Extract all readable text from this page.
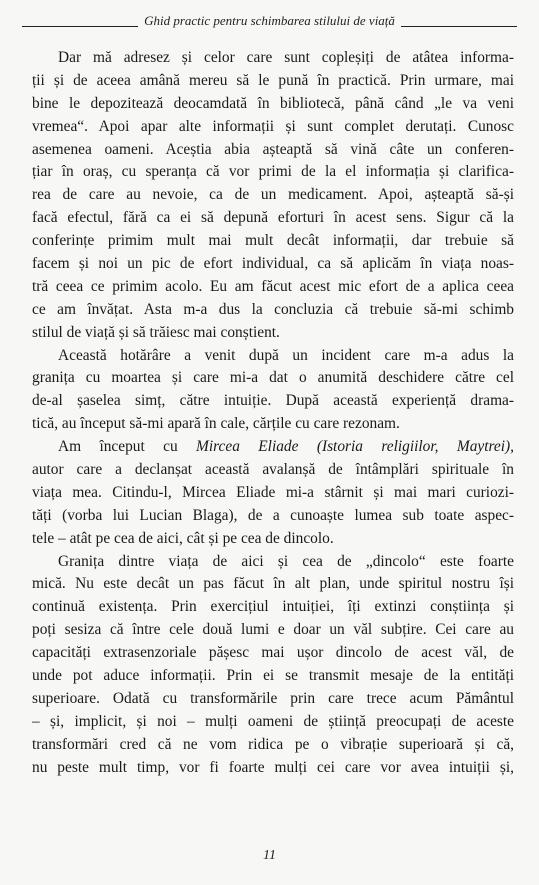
Ghid practic pentru schimbarea stilului de viață
Dar mă adresez și celor care sunt copleșiți de atâtea informa-
ții și de aceea amână mereu să le pună în practică. Prin urmare, mai
bine le depozitează deocamdată în bibliotecă, până când „le va veni
vremea“. Apoi apar alte informații și sunt complet derutați. Cunosc
asemenea oameni. Aceștia abia așteaptă să vină câte un conferen-
țiar în oraș, cu speranța că vor primi de la el informația și clarifica-
rea de care au nevoie, ca de un medicament. Apoi, așteaptă să-și
facă efectul, fără ca ei să depună eforturi în acest sens. Sigur că la
conferințe primim mult mai mult decât informații, dar trebuie să
facem și noi un pic de efort individual, ca să aplicăm în viața noas-
tră ceea ce primim acolo. Eu am făcut acest mic efort de a aplica ceea
ce am învățat. Asta m-a dus la concluzia că trebuie să-mi schimb
stilul de viață și să trăiesc mai conștient.
Această hotărâre a venit după un incident care m-a adus la
granița cu moartea și care mi-a dat o anumită deschidere către cel
de-al șaselea simț, către intuiție. După această experiență drama-
tică, au început să-mi apară în cale, cărțile cu care rezonam.
Am început cu Mircea Eliade (Istoria religiilor, Maytrei),
autor care a declanșat această avalanșă de întâmplări spirituale în
viața mea. Citindu-l, Mircea Eliade mi-a stârnit și mai mari curiozi-
tăți (vorba lui Lucian Blaga), de a cunoaște lumea sub toate aspec-
tele – atât pe cea de aici, cât și pe cea de dincolo.
Granița dintre viața de aici și cea de „dincolo“ este foarte
mică. Nu este decât un pas făcut în alt plan, unde spiritul nostru își
continuă existența. Prin exercițiul intuiției, îți extinzi conștiința și
poți sesiza că între cele două lumi e doar un văl subțire. Cei care au
capacități extrasenzoriale pășesc mai ușor dincolo de acest văl, de
unde pot aduce informații. Prin ei se transmit mesaje de la entități
superioare. Odată cu transformările prin care trece acum Pământul
– și, implicit, și noi – mulți oameni de știință preocupați de aceste
transformări cred că ne vom ridica pe o vibrație superioară și că,
nu peste mult timp, vor fi foarte mulți cei care vor avea intuiții și,
11
